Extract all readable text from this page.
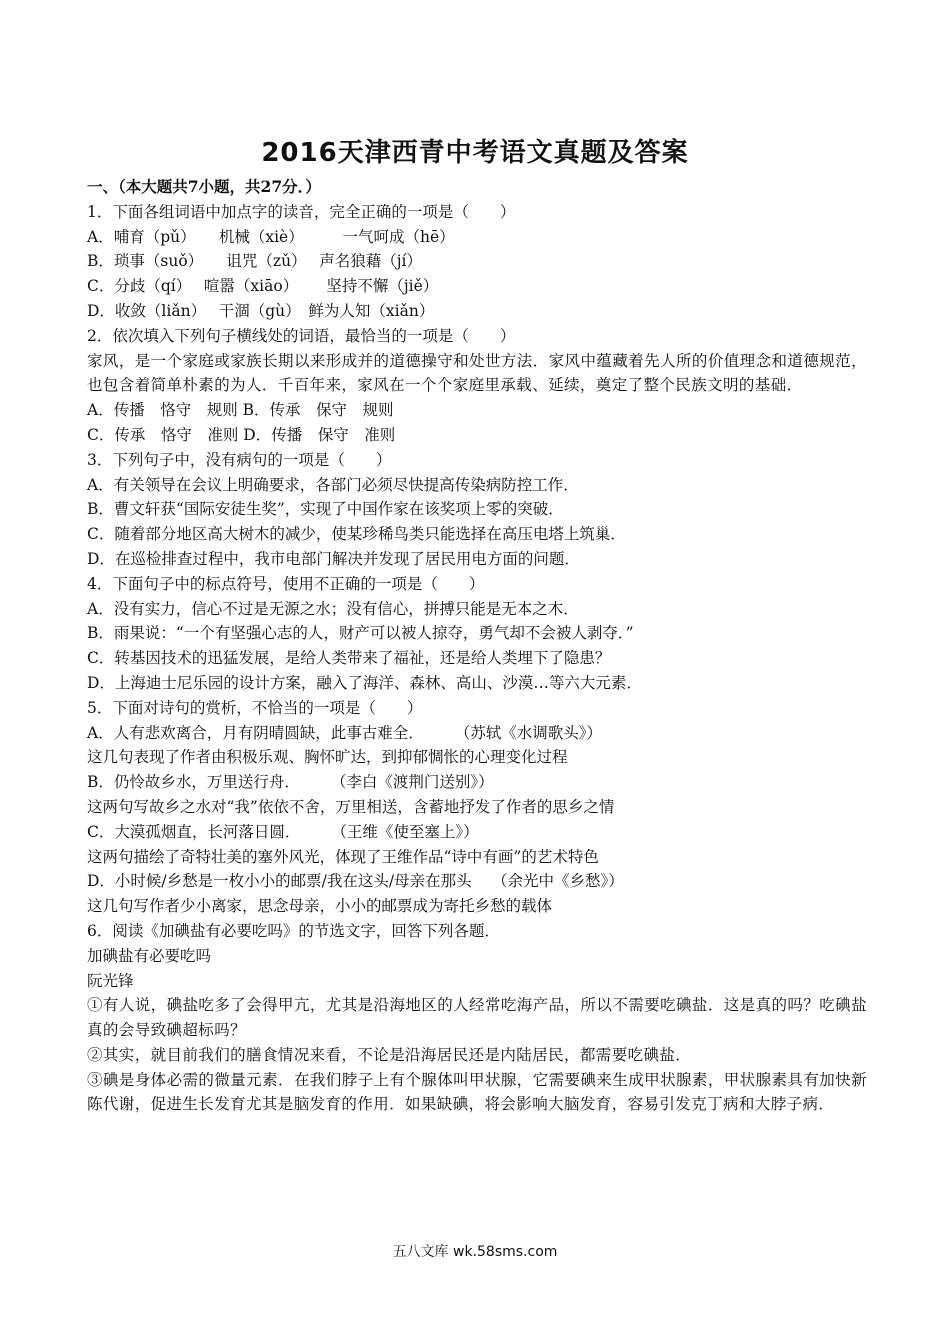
2016天津西青中考语文真题及答案

一、（本大题共7小题，共27分．）

1．下面各组词语中加点字的读音，完全正确的一项是（　　）

A．哺育（pǔ）　　机械（xiè）　　　一气呵成（hē）

B．琐事（suǒ）　　诅咒（zǔ）　 声名狼藉（jí）

C．分歧（qí）　 喧嚣（xiāo）　　 坚持不懈（jiě）

D．收敛（liǎn）　 干涸（gù）　鲜为人知（xiǎn）

2．依次填入下列句子横线处的词语，最恰当的一项是（　　）

家风，是一个家庭或家族长期以来形成并的道德操守和处世方法．家风中蕴藏着先人所的价值理念和道德规范，也包含着简单朴素的为人．千百年来，家风在一个个家庭里承载、延续，奠定了整个民族文明的基础．

A．传播　恪守　规则 B．传承　保守　规则

C．传承　恪守　准则 D．传播　保守　准则

3．下列句子中，没有病句的一项是（　　）

A．有关领导在会议上明确要求，各部门必须尽快提高传染病防控工作．

B．曹文轩获“国际安徒生奖”，实现了中国作家在该奖项上零的突破．

C．随着部分地区高大树木的减少，使某珍稀鸟类只能选择在高压电塔上筑巢．

D．在巡检排查过程中，我市电部门解决并发现了居民用电方面的问题．

4．下面句子中的标点符号，使用不正确的一项是（　　）

A．没有实力，信心不过是无源之水；没有信心，拼搏只能是无本之木．

B．雨果说：“一个有坚强心志的人，财产可以被人掠夺，勇气却不会被人剥夺．”

C．转基因技术的迅猛发展，是给人类带来了福祉，还是给人类埋下了隐患？

D．上海迪士尼乐园的设计方案，融入了海洋、森林、高山、沙漠…等六大元素．

5．下面对诗句的赏析，不恰当的一项是（　　）

A．人有悲欢离合，月有阴晴圆缺，此事古难全．　　　（苏轼《水调歌头》）

这几句表现了作者由积极乐观、胸怀旷达，到抑郁惆怅的心理变化过程

B．仍怜故乡水，万里送行舟．　　　（李白《渡荆门送别》）

这两句写故乡之水对“我”依依不舍，万里相送，含蓄地抒发了作者的思乡之情

C．大漠孤烟直，长河落日圆．　　　（王维《使至塞上》）

这两句描绘了奇特壮美的塞外风光，体现了王维作品“诗中有画”的艺术特色

D．小时候/乡愁是一枚小小的邮票/我在这头/母亲在那头　 （余光中《乡愁》）

这几句写作者少小离家，思念母亲，小小的邮票成为寄托乡愁的载体

6．阅读《加碘盐有必要吃吗》的节选文字，回答下列各题．

加碘盐有必要吃吗

阮光锋

①有人说，碘盐吃多了会得甲亢，尤其是沿海地区的人经常吃海产品，所以不需要吃碘盐．这是真的吗？吃碘盐真的会导致碘超标吗？

②其实，就目前我们的膳食情况来看，不论是沿海居民还是内陆居民，都需要吃碘盐．

③碘是身体必需的微量元素．在我们脖子上有个腺体叫甲状腺，它需要碘来生成甲状腺素，甲状腺素具有加快新陈代谢，促进生长发育尤其是脑发育的作用．如果缺碘，将会影响大脑发育，容易引发克丁病和大脖子病．

五八文库 wk.58sms.com
